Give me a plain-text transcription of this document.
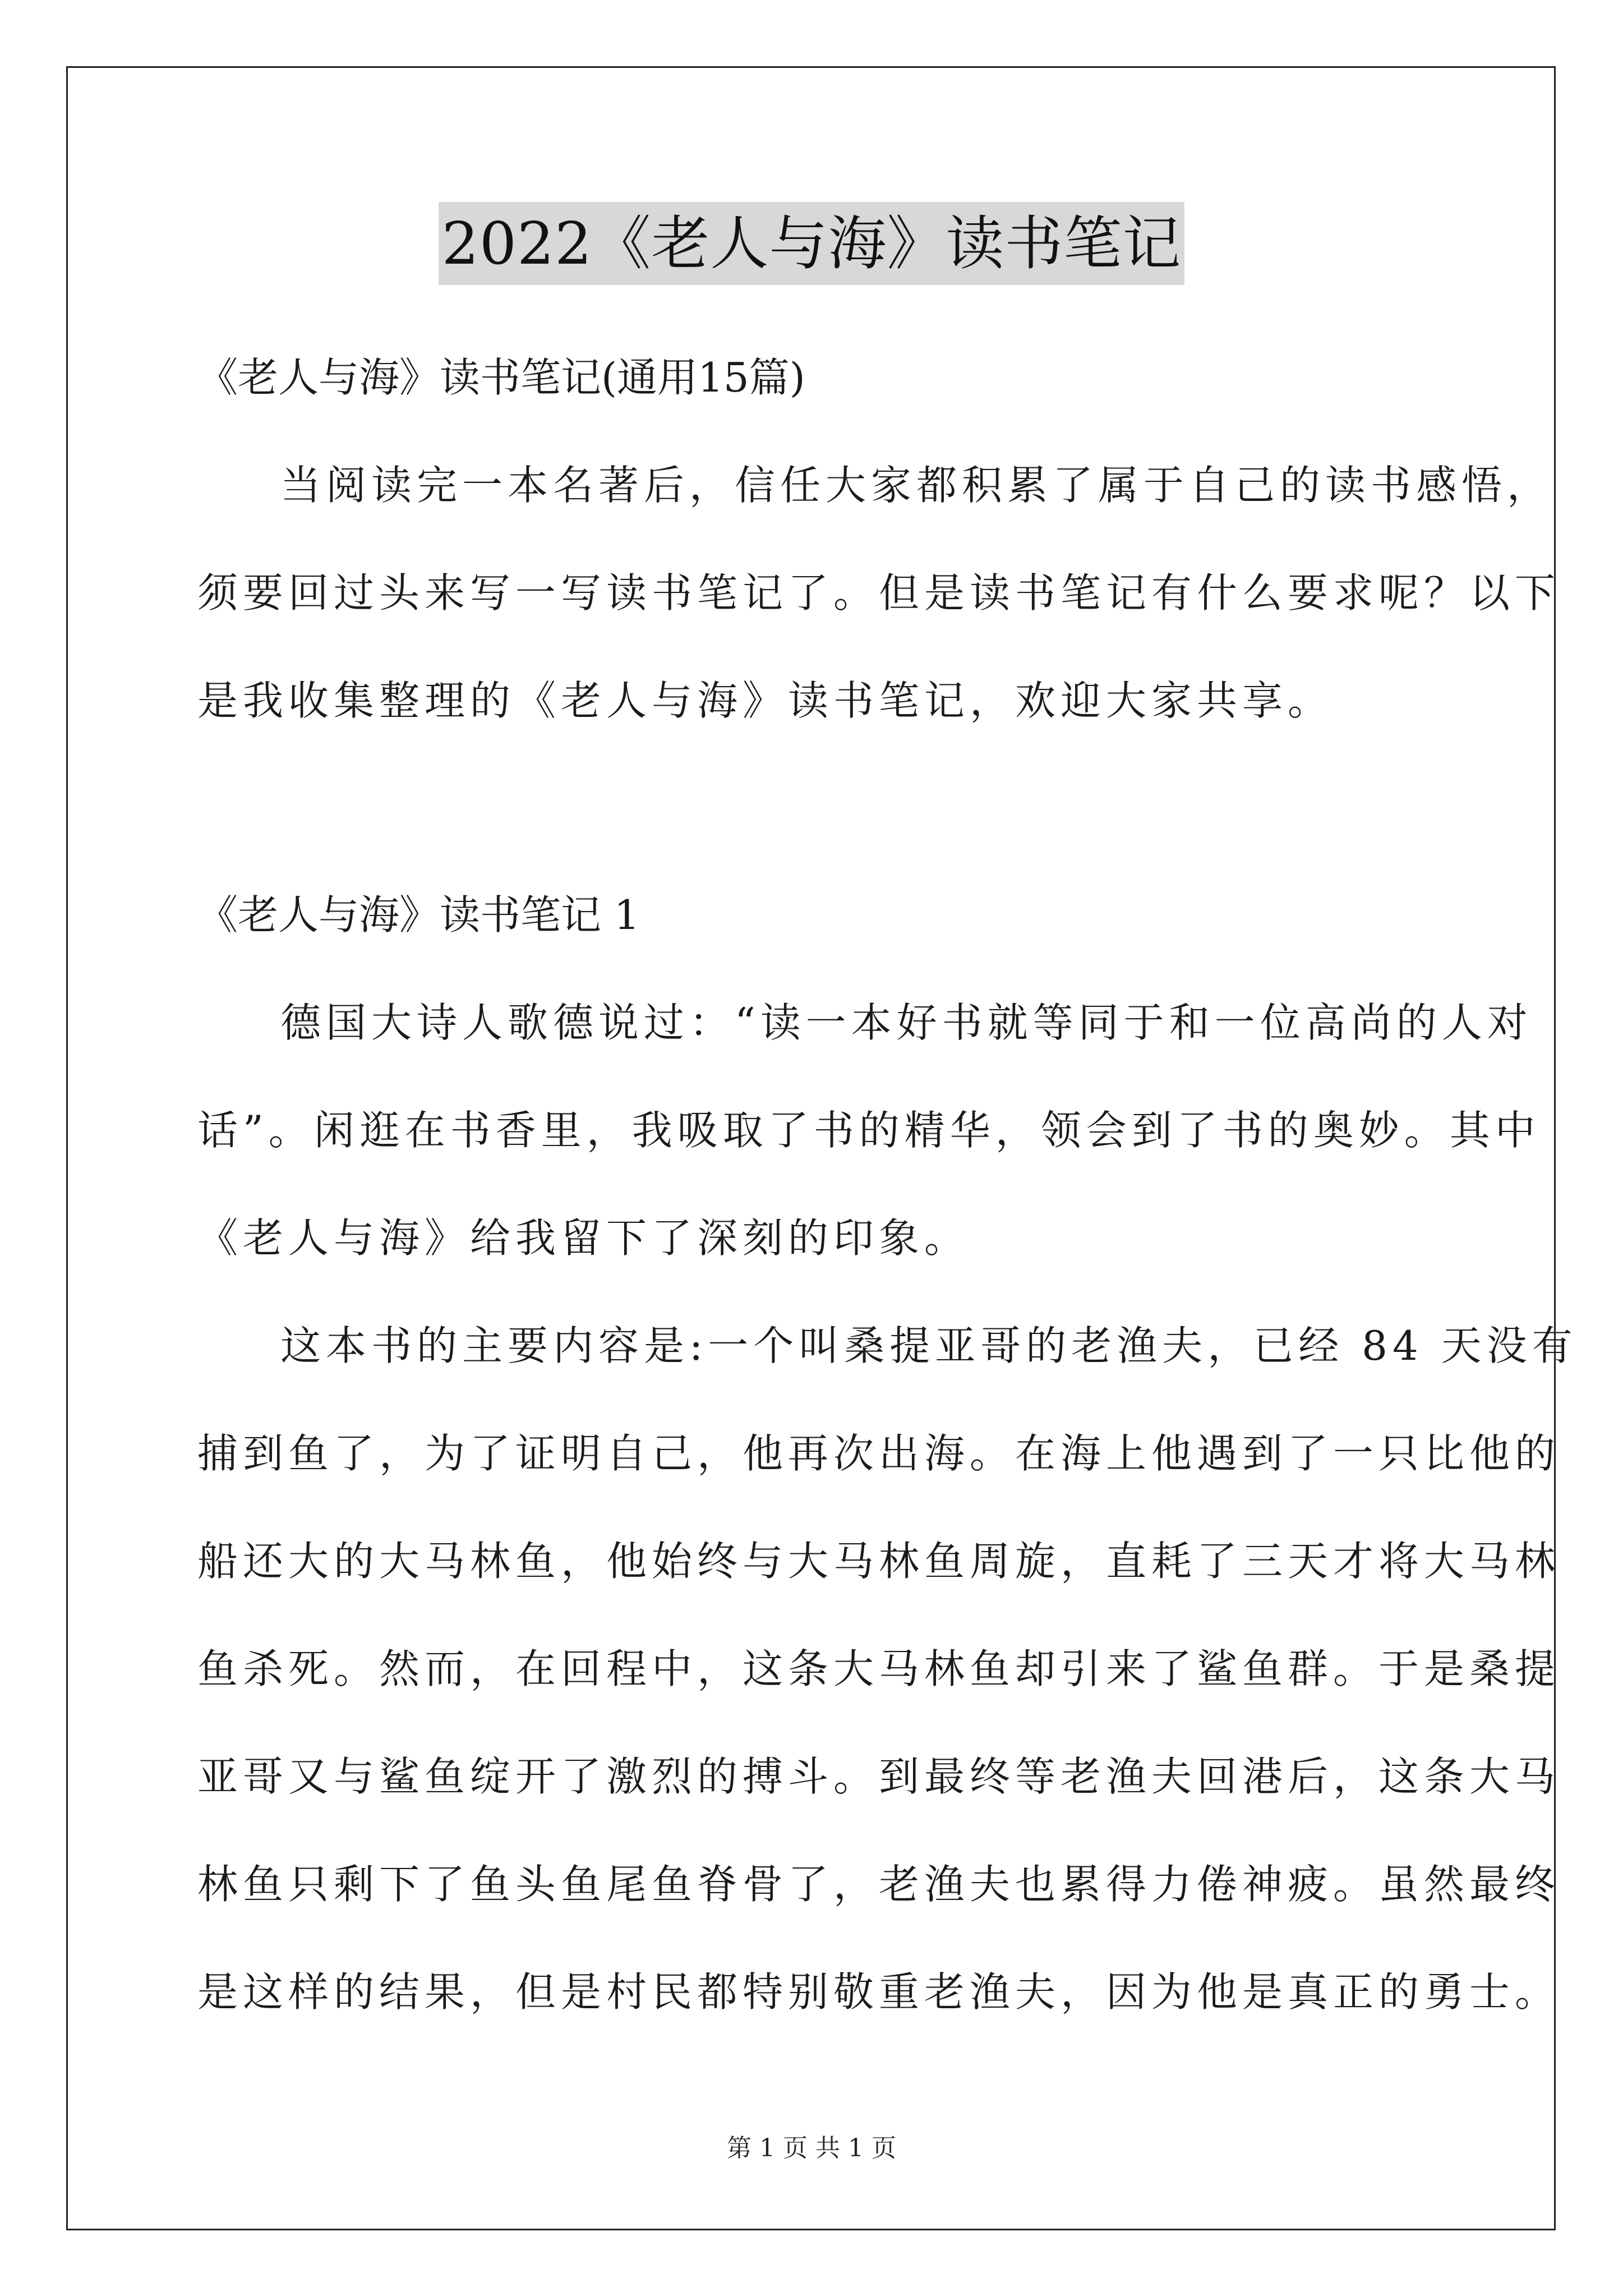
2022《老人与海》读书笔记
《老人与海》读书笔记(通用15篇)
当阅读完一本名著后，信任大家都积累了属于自己的读书感悟，
须要回过头来写一写读书笔记了。但是读书笔记有什么要求呢？以下
是我收集整理的《老人与海》读书笔记，欢迎大家共享。
《老人与海》读书笔记 1
德国大诗人歌德说过：“读一本好书就等同于和一位高尚的人对
话”。闲逛在书香里，我吸取了书的精华，领会到了书的奥妙。其中
《老人与海》给我留下了深刻的印象。
这本书的主要内容是:一个叫桑提亚哥的老渔夫，已经 84 天没有
捕到鱼了，为了证明自己，他再次出海。在海上他遇到了一只比他的
船还大的大马林鱼，他始终与大马林鱼周旋，直耗了三天才将大马林
鱼杀死。然而，在回程中，这条大马林鱼却引来了鲨鱼群。于是桑提
亚哥又与鲨鱼绽开了激烈的搏斗。到最终等老渔夫回港后，这条大马
林鱼只剩下了鱼头鱼尾鱼脊骨了，老渔夫也累得力倦神疲。虽然最终
是这样的结果，但是村民都特别敬重老渔夫，因为他是真正的勇士。
第 1 页 共 1 页
